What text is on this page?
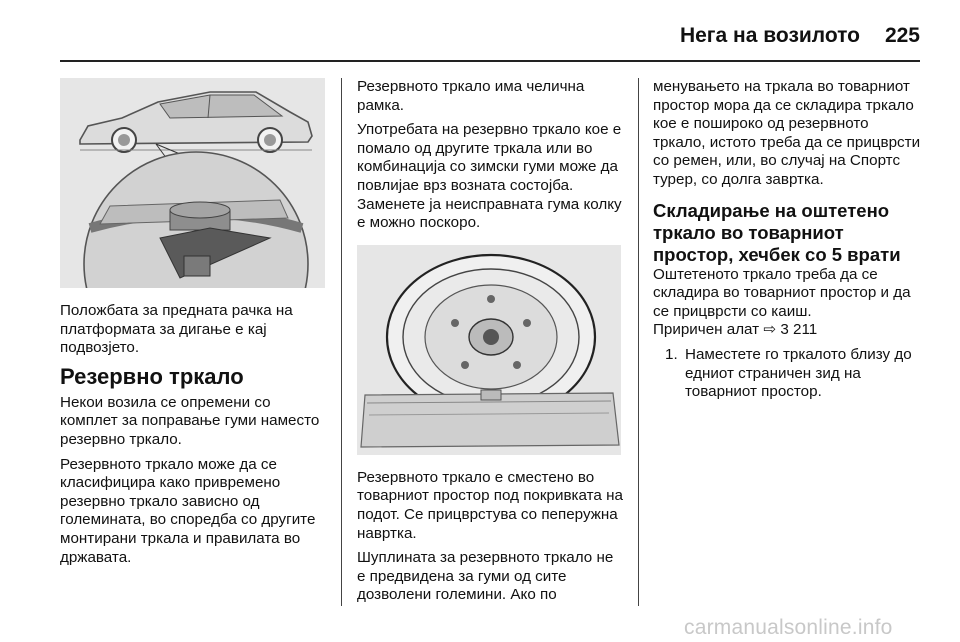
Нега на возилото 225

Положбата за предната рачка на платформата за дигање е кај подвозјето.

Резервно тркало

Некои возила се опремени со комплет за поправање гуми наместо резервно тркало.

Резервното тркало може да се класифицира како привремено резервно тркало зависно од големината, во споредба со другите монтирани тркала и правилата во државата.

Резервното тркало има челична рамка.

Употребата на резервно тркало кое е помало од другите тркала или во комбинација со зимски гуми може да повлијае врз возната состојба. Заменете ја неисправната гума колку е можно поскоро.

Резервното тркало е сместено во товарниот простор под покривката на подот. Се прицврстува со пеперужна навртка.

Шуплината за резервното тркало не е предвидена за гуми од сите дозволени големини. Ако по

менувањето на тркала во товарниот простор мора да се складира тркало кое е пошироко од резервното тркало, истото треба да се прицврсти со ремен, или, во случај на Спортс турер, со долга завртка.

Складирање на оштетено тркало во товарниот простор, хечбек со 5 врати

Оштетеното тркало треба да се складира во товарниот простор и да се прицврсти со каиш.

Приричен алат ⇨ 3 211

1. Наместете го тркалото близу до едниот страничен зид на товарниот простор.
carmanualsonline.info
